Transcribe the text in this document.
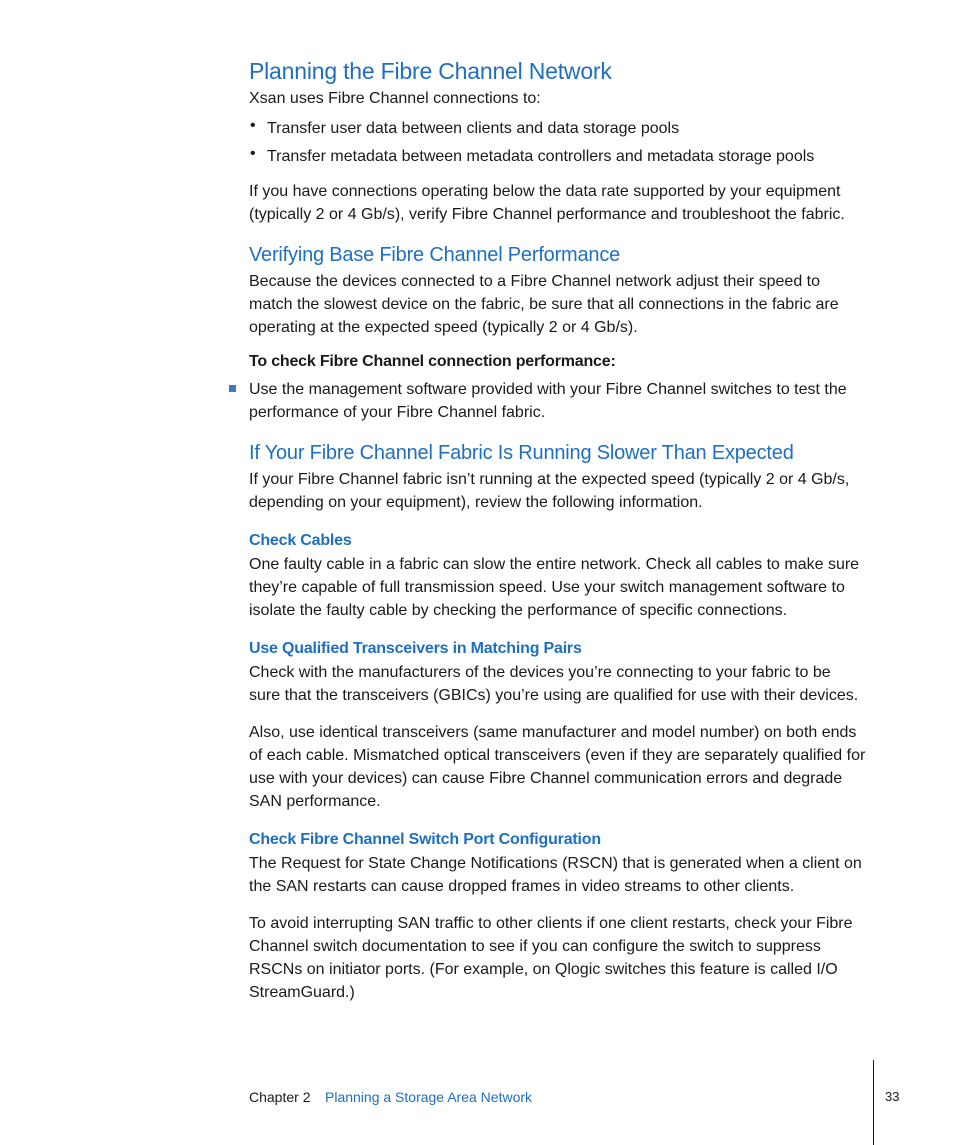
Planning the Fibre Channel Network
Xsan uses Fibre Channel connections to:
• Transfer user data between clients and data storage pools
• Transfer metadata between metadata controllers and metadata storage pools
If you have connections operating below the data rate supported by your equipment
(typically 2 or 4 Gb/s), verify Fibre Channel performance and troubleshoot the fabric.
Verifying Base Fibre Channel Performance
Because the devices connected to a Fibre Channel network adjust their speed to
match the slowest device on the fabric, be sure that all connections in the fabric are
operating at the expected speed (typically 2 or 4 Gb/s).
To check Fibre Channel connection performance:
Use the management software provided with your Fibre Channel switches to test the
performance of your Fibre Channel fabric.
If Your Fibre Channel Fabric Is Running Slower Than Expected
If your Fibre Channel fabric isn’t running at the expected speed (typically 2 or 4 Gb/s,
depending on your equipment), review the following information.
Check Cables
One faulty cable in a fabric can slow the entire network. Check all cables to make sure
they’re capable of full transmission speed. Use your switch management software to
isolate the faulty cable by checking the performance of specific connections.
Use Qualified Transceivers in Matching Pairs
Check with the manufacturers of the devices you’re connecting to your fabric to be
sure that the transceivers (GBICs) you’re using are qualified for use with their devices.
Also, use identical transceivers (same manufacturer and model number) on both ends
of each cable. Mismatched optical transceivers (even if they are separately qualified for
use with your devices) can cause Fibre Channel communication errors and degrade
SAN performance.
Check Fibre Channel Switch Port Configuration
The Request for State Change Notifications (RSCN) that is generated when a client on
the SAN restarts can cause dropped frames in video streams to other clients.
To avoid interrupting SAN traffic to other clients if one client restarts, check your Fibre
Channel switch documentation to see if you can configure the switch to suppress
RSCNs on initiator ports. (For example, on Qlogic switches this feature is called I/O
StreamGuard.)
Chapter 2 Planning a Storage Area Network	33
